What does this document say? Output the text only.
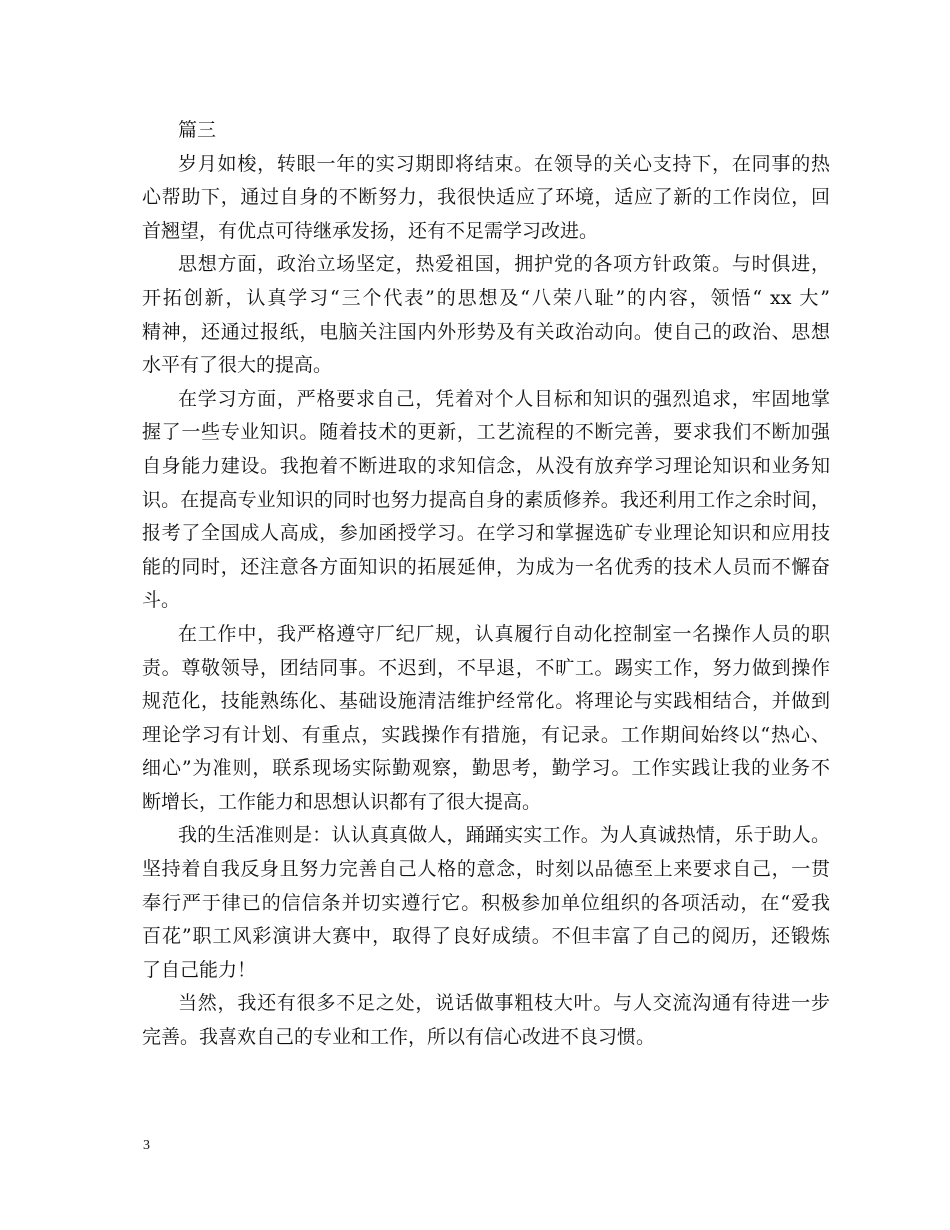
篇三
岁月如梭，转眼一年的实习期即将结束。在领导的关心支持下，在同事的热
心帮助下，通过自身的不断努力，我很快适应了环境，适应了新的工作岗位，回
首翘望，有优点可待继承发扬，还有不足需学习改进。
思想方面，政治立场坚定，热爱祖国，拥护党的各项方针政策。与时俱进，
开拓创新，认真学习“三个代表”的思想及“八荣八耻”的内容，领悟“ xx 大”
精神，还通过报纸，电脑关注国内外形势及有关政治动向。使自己的政治、思想
水平有了很大的提高。
在学习方面，严格要求自己，凭着对个人目标和知识的强烈追求，牢固地掌
握了一些专业知识。随着技术的更新，工艺流程的不断完善，要求我们不断加强
自身能力建设。我抱着不断进取的求知信念，从没有放弃学习理论知识和业务知
识。在提高专业知识的同时也努力提高自身的素质修养。我还利用工作之余时间，
报考了全国成人高成，参加函授学习。在学习和掌握选矿专业理论知识和应用技
能的同时，还注意各方面知识的拓展延伸，为成为一名优秀的技术人员而不懈奋
斗。
在工作中，我严格遵守厂纪厂规，认真履行自动化控制室一名操作人员的职
责。尊敬领导，团结同事。不迟到，不早退，不旷工。踢实工作，努力做到操作
规范化，技能熟练化、基础设施清洁维护经常化。将理论与实践相结合，并做到
理论学习有计划、有重点，实践操作有措施，有记录。工作期间始终以“热心、
细心”为准则，联系现场实际勤观察，勤思考，勤学习。工作实践让我的业务不
断增长，工作能力和思想认识都有了很大提高。
我的生活准则是：认认真真做人，踊踊实实工作。为人真诚热情，乐于助人。
坚持着自我反身且努力完善自己人格的意念，时刻以品德至上来要求自己，一贯
奉行严于律已的信信条并切实遵行它。积极参加单位组织的各项活动，在“爱我
百花”职工风彩演讲大赛中，取得了良好成绩。不但丰富了自己的阅历，还锻炼
了自己能力！
当然，我还有很多不足之处，说话做事粗枝大叶。与人交流沟通有待进一步
完善。我喜欢自己的专业和工作，所以有信心改进不良习惯。
3
